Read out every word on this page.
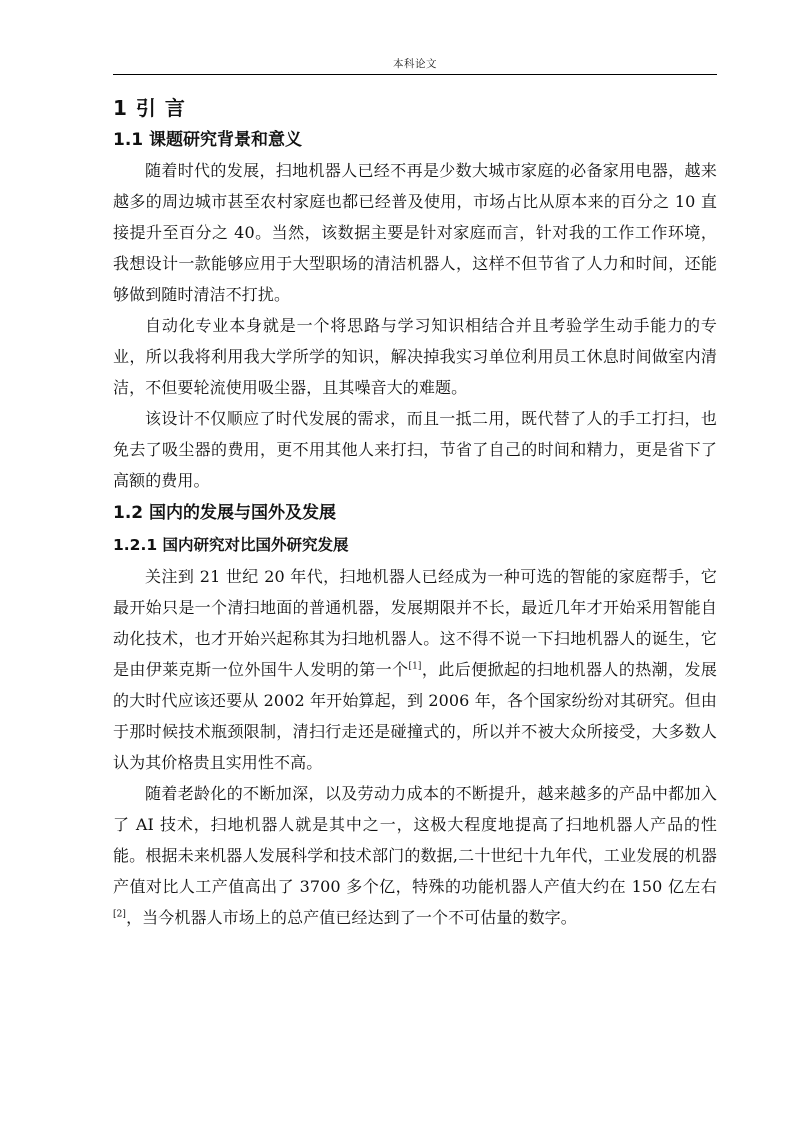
本科论文
1 引 言
1.1 课题研究背景和意义

随着时代的发展，扫地机器人已经不再是少数大城市家庭的必备家用电器，越来越多的周边城市甚至农村家庭也都已经普及使用，市场占比从原本来的百分之 10 直接提升至百分之 40。当然，该数据主要是针对家庭而言，针对我的工作工作环境，我想设计一款能够应用于大型职场的清洁机器人，这样不但节省了人力和时间，还能够做到随时清洁不打扰。

自动化专业本身就是一个将思路与学习知识相结合并且考验学生动手能力的专业，所以我将利用我大学所学的知识，解决掉我实习单位利用员工休息时间做室内清洁，不但要轮流使用吸尘器，且其噪音大的难题。

该设计不仅顺应了时代发展的需求，而且一抵二用，既代替了人的手工打扫，也免去了吸尘器的费用，更不用其他人来打扫，节省了自己的时间和精力，更是省下了高额的费用。

1.2 国内的发展与国外及发展
1.2.1 国内研究对比国外研究发展

关注到 21 世纪 20 年代，扫地机器人已经成为一种可选的智能的家庭帮手，它最开始只是一个清扫地面的普通机器，发展期限并不长，最近几年才开始采用智能自动化技术，也才开始兴起称其为扫地机器人。这不得不说一下扫地机器人的诞生，它是由伊莱克斯一位外国牛人发明的第一个[1]，此后便掀起的扫地机器人的热潮，发展的大时代应该还要从 2002 年开始算起，到 2006 年，各个国家纷纷对其研究。但由于那时候技术瓶颈限制，清扫行走还是碰撞式的，所以并不被大众所接受，大多数人认为其价格贵且实用性不高。

随着老龄化的不断加深，以及劳动力成本的不断提升，越来越多的产品中都加入了 AI 技术，扫地机器人就是其中之一，这极大程度地提高了扫地机器人产品的性能。根据未来机器人发展科学和技术部门的数据,二十世纪十九年代，工业发展的机器产值对比人工产值高出了 3700 多个亿，特殊的功能机器人产值大约在 150 亿左右[2]，当今机器人市场上的总产值已经达到了一个不可估量的数字。
